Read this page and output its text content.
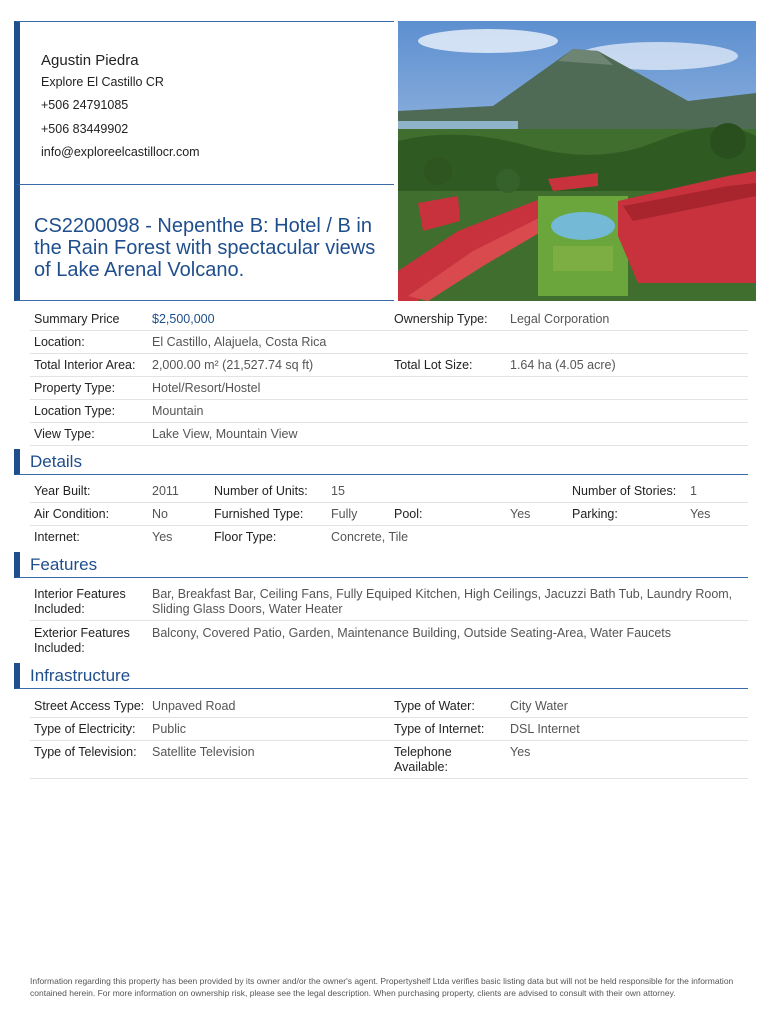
Agustin Piedra
Explore El Castillo CR
+506 24791085
+506 83449902
info@exploreelcastillocr.com
CS2200098 - Nepenthe B: Hotel / B in the Rain Forest with spectacular views of Lake Arenal Volcano.
Summary Price	$2,500,000	Ownership Type: Legal Corporation
Location:	El Castillo, Alajuela, Costa Rica
Total Interior Area: 2,000.00 m² (21,527.74 sq ft)	Total Lot Size:	1.64 ha (4.05 acre)
Property Type:	Hotel/Resort/Hostel
Location Type:	Mountain
View Type:	Lake View, Mountain View
Details
Year Built:	2011	Number of Units: 15	Number of Stories: 1
Air Condition:	No	Furnished Type: Fully	Pool:	Yes	Parking:	Yes
Internet:	Yes	Floor Type:	Concrete, Tile
Features
Interior Features Included:
Bar, Breakfast Bar, Ceiling Fans, Fully Equiped Kitchen, High Ceilings, Jacuzzi Bath Tub, Laundry Room, Sliding Glass Doors, Water Heater
Exterior Features Included:
Balcony, Covered Patio, Garden, Maintenance Building, Outside Seating-Area, Water Faucets
Infrastructure
Street Access Type: Unpaved Road	Type of Water:	City Water
Type of Electricity: Public	Type of Internet: DSL Internet
Type of Television: Satellite Television	Telephone Available:
Yes
Information regarding this property has been provided by its owner and/or the owner's agent. Propertyshelf Ltda verifies basic listing data but will not be held responsible for the information contained herein. For more information on ownership risk, please see the legal description. When purchasing property, clients are advised to consult with their own attorney.
